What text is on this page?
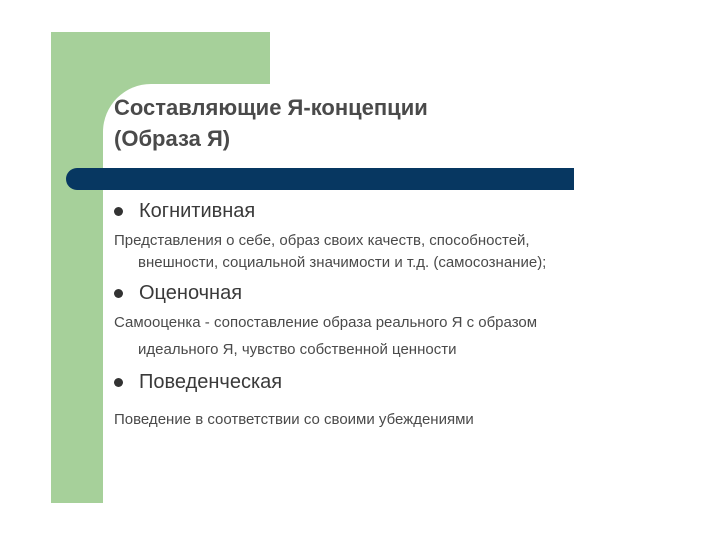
Составляющие Я-концепции
(Образа Я)
Когнитивная

Представления о себе, образ своих качеств, способностей,

внешности, социальной значимости и т.д. (самосознание);

Оценочная

Самооценка - сопоставление образа реального Я с образом

идеального Я, чувство собственной ценности

Поведенческая

Поведение в соответствии со своими убеждениями
